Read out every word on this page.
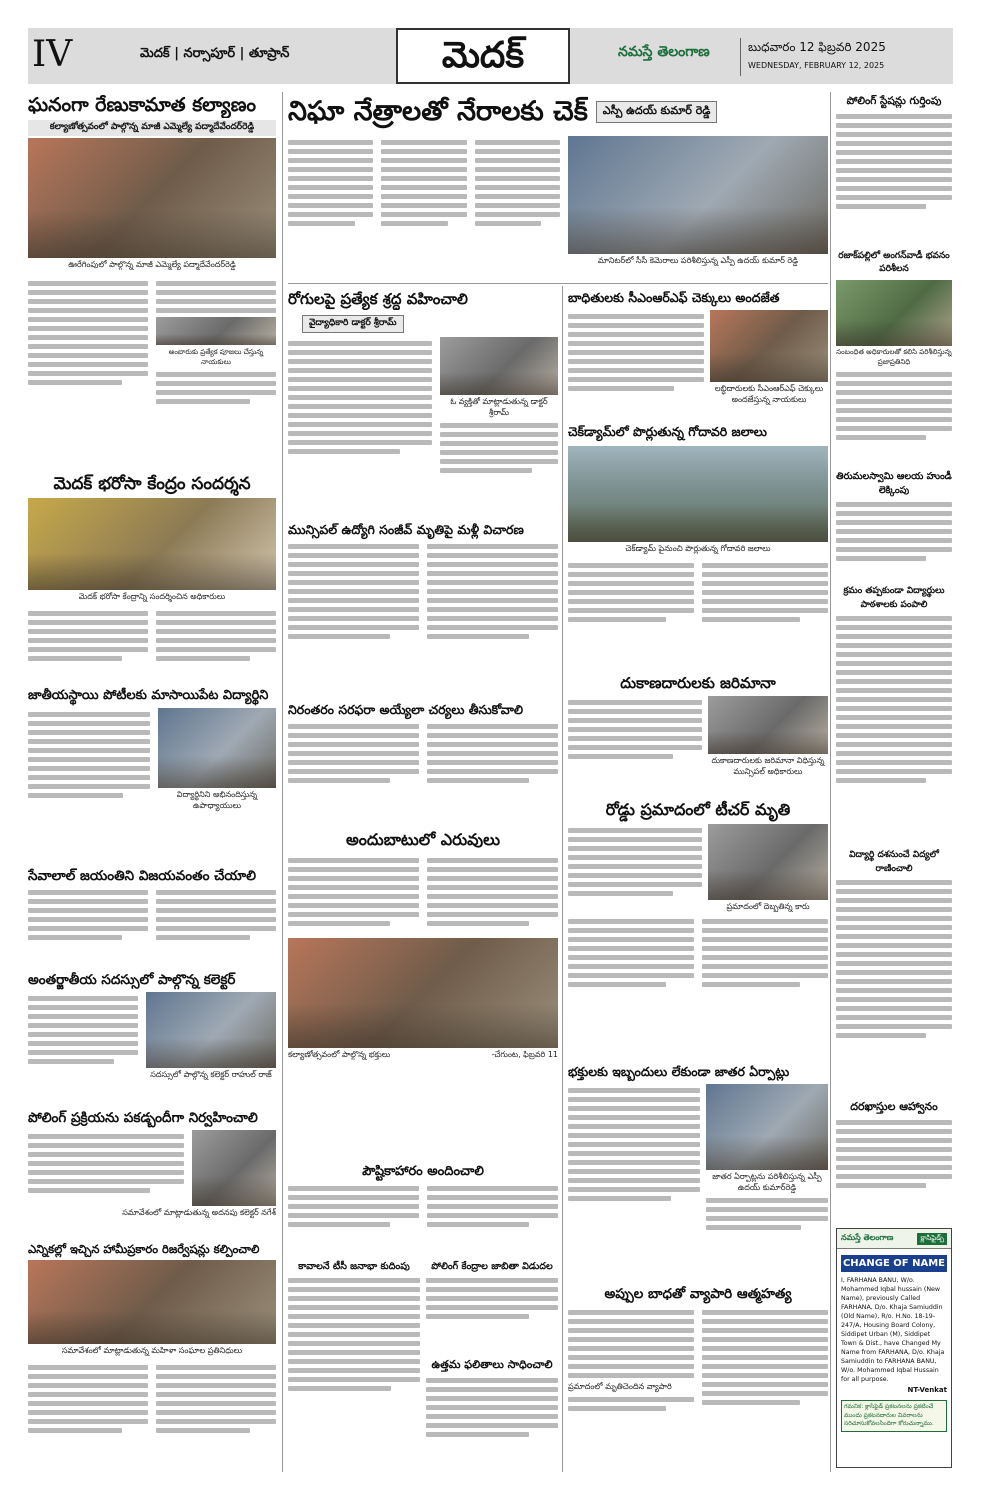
IV	మెదక్ | నర్సాపూర్ | తూప్రాన్	మెదక్	నమస్తే తెలంగాణ	బుధవారం 12 ఫిబ్రవరి 2025
WEDNESDAY, FEBRUARY 12, 2025
ఘనంగా రేణుకామాత కల్యాణం
కల్యాణోత్సవంలో పాల్గొన్న మాజీ ఎమ్మెల్యే పద్మాదేవేందర్‌రెడ్డి
ఊరేగింపులో పాల్గొన్న మాజీ ఎమ్మెల్యే పద్మాదేవేందర్‌రెడ్డి
అంబారుకు ప్రత్యేక పూజలు చేస్తున్న నాయకులు
మెదక్ భరోసా కేంద్రం సందర్శన
మెదక్ భరోసా కేంద్రాన్ని సందర్శించిన అధికారులు
జాతీయస్థాయి పోటీలకు మాసాయిపేట విద్యార్థిని
విద్యార్థినిని అభినందిస్తున్న ఉపాధ్యాయులు
సేవాలాల్ జయంతిని విజయవంతం చేయాలి
అంతర్జాతీయ సదస్సులో పాల్గొన్న కలెక్టర్
సదస్సులో పాల్గొన్న కలెక్టర్ రాహుల్ రాజ్
పోలింగ్ ప్రక్రియను పకడ్బందీగా నిర్వహించాలి
సమావేశంలో మాట్లాడుతున్న అదనపు కలెక్టర్ నగేశ్
ఎన్నికల్లో ఇచ్చిన హామీప్రకారం రిజర్వేషన్లు కల్పించాలి
సమావేశంలో మాట్లాడుతున్న మహిళా సంఘాల ప్రతినిధులు
నిఘా నేత్రాలతో నేరాలకు చెక్	ఎస్పీ ఉదయ్ కుమార్ రెడ్డి
మానిటర్‌లో సీసీ కెమెరాలు పరిశీలిస్తున్న ఎస్పీ ఉదయ్ కుమార్ రెడ్డి
రోగులపై ప్రత్యేక శ్రద్ధ వహించాలి
వైద్యాధికారి డాక్టర్ శ్రీరామ్
ఓ వ్యక్తితో మాట్లాడుతున్న డాక్టర్ శ్రీరామ్
మున్సిపల్ ఉద్యోగి సంజీవ్ మృతిపై మళ్లీ విచారణ
నిరంతరం సరఫరా అయ్యేలా చర్యలు తీసుకోవాలి
అందుబాటులో ఎరువులు
కల్యాణోత్సవంలో పాల్గొన్న భక్తులు	-చేగుంట, ఫిబ్రవరి 11
పౌష్టికాహారం అందించాలి
కావాలనే టీసీ జనాభా కుదింపు	పోలింగ్ కేంద్రాల జాబితా విడుదల
ఉత్తమ ఫలితాలు సాధించాలి
బాధితులకు సీఎంఆర్ఎఫ్ చెక్కులు అందజేత
లబ్ధిదారులకు సీఎంఆర్ఎఫ్ చెక్కులు అందజేస్తున్న నాయకులు
చెక్‌డ్యామ్‌లో పొర్లుతున్న గోదావరి జలాలు
చెక్‌డ్యామ్ పైనుంచి పొర్లుతున్న గోదావరి జలాలు
దుకాణదారులకు జరిమానా
దుకాణదారులకు జరిమానా విధిస్తున్న మున్సిపల్ అధికారులు
రోడ్డు ప్రమాదంలో టీచర్ మృతి
ప్రమాదంలో దెబ్బతిన్న కారు
భక్తులకు ఇబ్బందులు లేకుండా జాతర ఏర్పాట్లు
జాతర ఏర్పాట్లను పరిశీలిస్తున్న ఎస్పీ ఉదయ్ కుమార్‌రెడ్డి
అప్పుల బాధతో వ్యాపారి ఆత్మహత్య
ప్రమాదంలో మృతిచెందిన వ్యాపారి
పోలింగ్ స్టేషన్లు గుర్తింపు
రజాక్‌పల్లిలో అంగన్‌వాడీ భవనం పరిశీలన
సంబంధిత అధికారులతో కలిసి పరిశీలిస్తున్న ప్రజాప్రతినిధి
తిరుమలస్వామి ఆలయ హుండీ లెక్కింపు
క్రమం తప్పకుండా విద్యార్థులు పాఠశాలకు పంపాలి
విద్యార్థి దశనుంచే విద్యలో రాణించాలి
దరఖాస్తుల ఆహ్వానం
నమస్తే తెలంగాణ	క్లాసిఫైడ్స్
CHANGE OF NAME
I, FARHANA BANU, W/o. Mohammed Iqbal hussain (New Name), previously Called FARHANA, D/o. Khaja Samiuddin (Old Name), R/o. H.No. 18-19-247/A, Housing Board Colony, Siddipet Urban (M), Siddipet Town & Dist., have Changed My Name from FARHANA, D/o. Khaja Samiuddin to FARHANA BANU, W/o. Mohammed Iqbal Hussain for all purpose.
NT-Venkat
గమనిక: క్లాసిఫైడ్ ప్రకటనలను ప్రకటించే ముందు ప్రకటనదారుల వివరాలను సరిచూసుకోవలసిందిగా కోరుచున్నాము.
